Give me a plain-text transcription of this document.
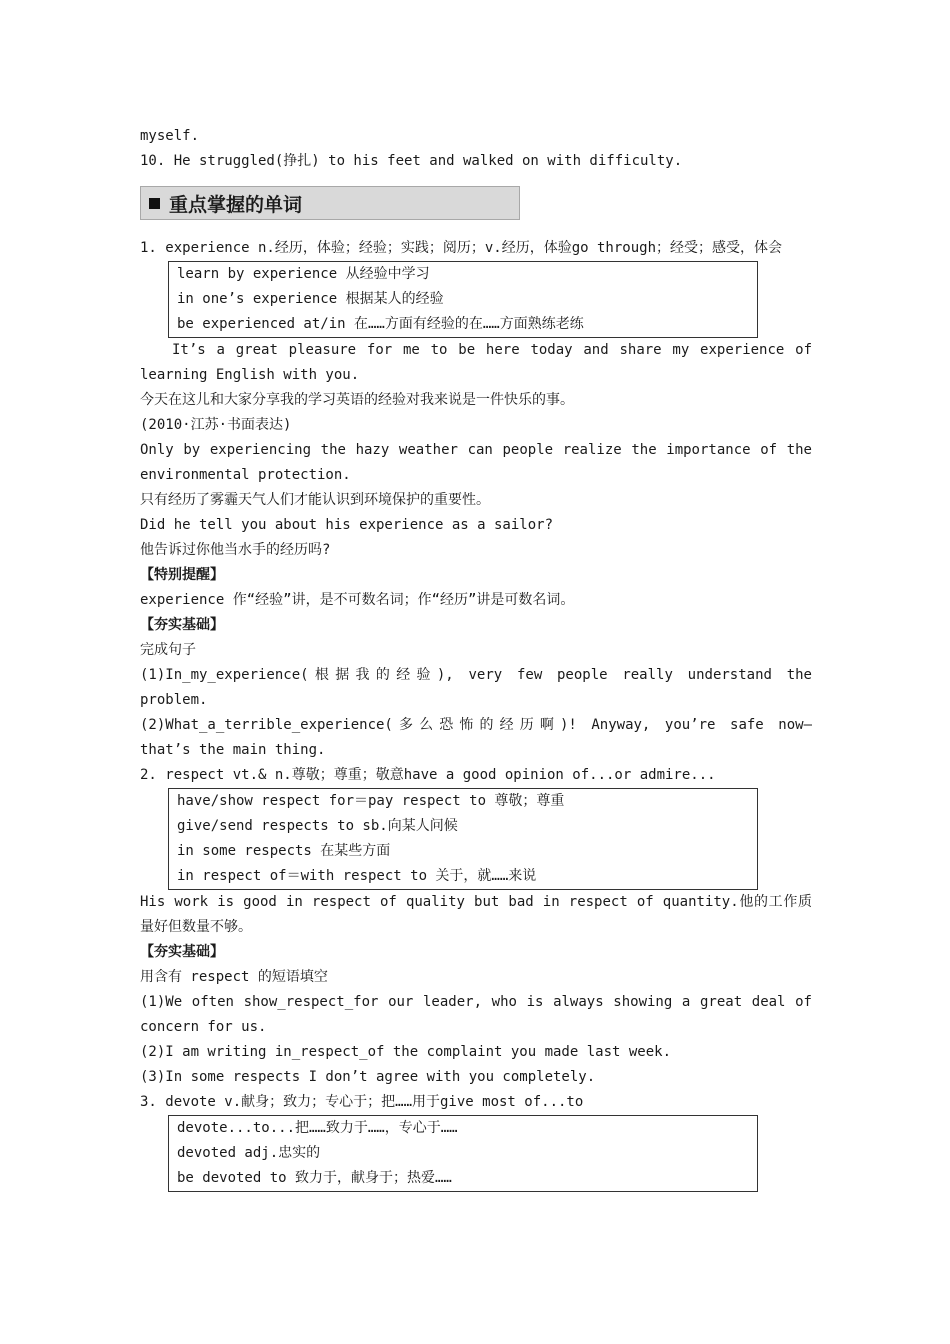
myself.
10. He struggled(挣扎) to his feet and walked on with difficulty.
重点掌握的单词
1. experience n.经历，体验；经验；实践；阅历；v.经历，体验go through；经受；感受，体会
learn by experience 从经验中学习
in one’s experience 根据某人的经验
be experienced at/in 在……方面有经验的在……方面熟练老练
It’s a great pleasure for me to be here today and share my experience of
learning English with you.
今天在这儿和大家分享我的学习英语的经验对我来说是一件快乐的事。
(2010·江苏·书面表达)
Only by experiencing the hazy weather can people realize the importance of the
environmental protection.
只有经历了雾霾天气人们才能认识到环境保护的重要性。
Did he tell you about his experience as a sailor?
他告诉过你他当水手的经历吗?
【特别提醒】
experience 作“经验”讲，是不可数名词；作“经历”讲是可数名词。
【夯实基础】
完成句子
(1)In_my_experience(根据我的经验), very few people really understand the
problem.
(2)What_a_terrible_experience(多么恐怖的经历啊)! Anyway, you’re safe now—
that’s the main thing.
2. respect vt.& n.尊敬；尊重；敬意have a good opinion of...or admire...
have/show respect for＝pay respect to 尊敬；尊重
give/send respects to sb.向某人问候
in some respects 在某些方面
in respect of＝with respect to 关于，就……来说
His work is good in respect of quality but bad in respect of quantity.他的工作质
量好但数量不够。
【夯实基础】
用含有 respect 的短语填空
(1)We often show_respect_for our leader, who is always showing a great deal of
concern for us.
(2)I am writing in_respect_of the complaint you made last week.
(3)In some respects I don’t agree with you completely.
3. devote v.献身；致力；专心于；把……用于give most of...to
devote...to...把……致力于……，专心于……
devoted adj.忠实的
be devoted to 致力于，献身于；热爱……
